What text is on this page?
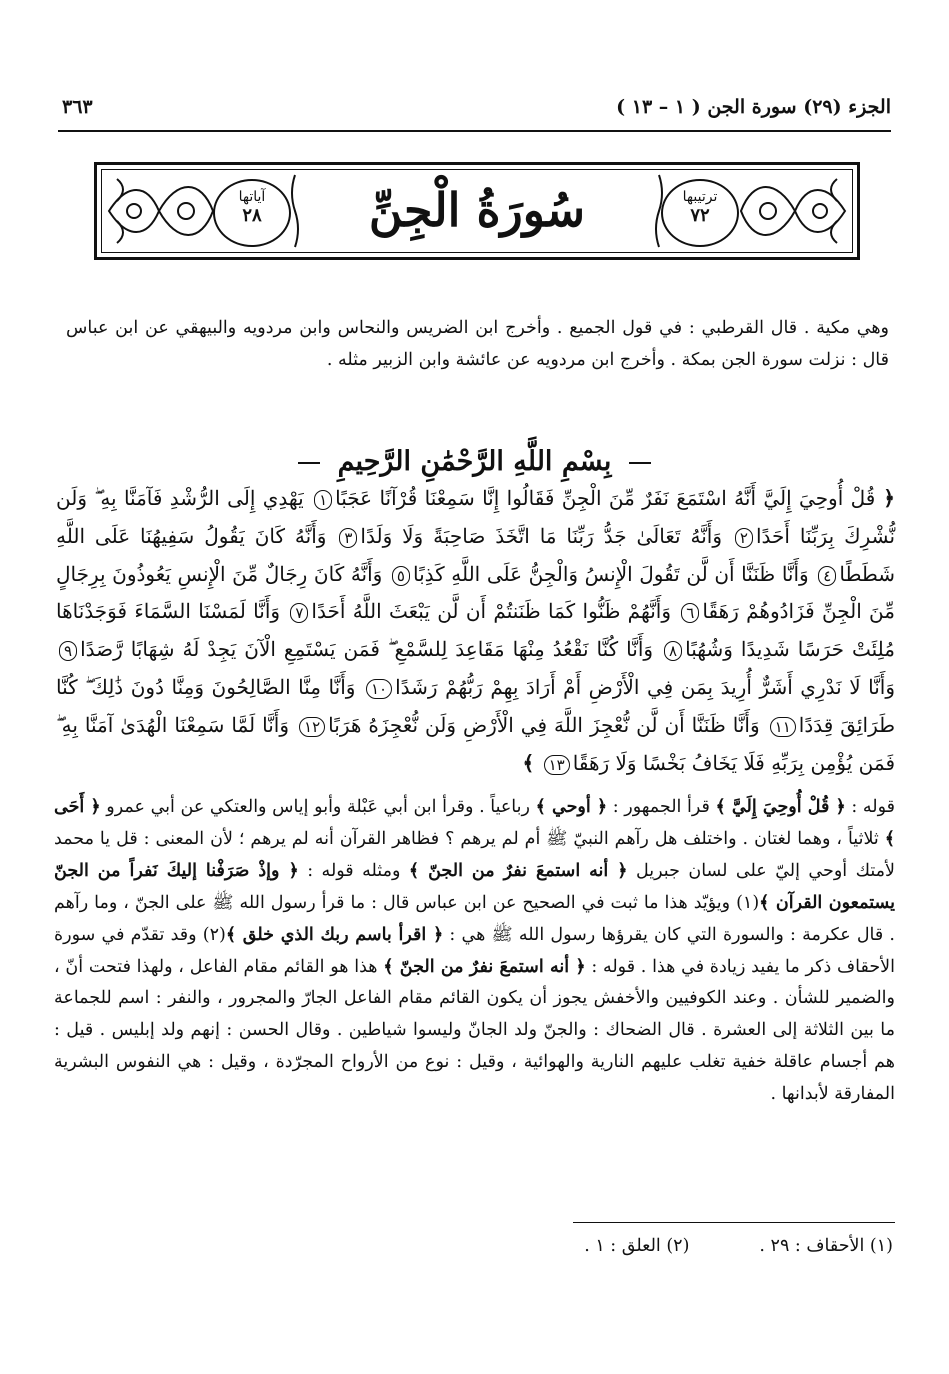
الجزء (٢٩) سورة الجن ( ١ – ١٣ )
٣٦٣
آياتها
٢٨	سُورَةُ الْجِنِّ	ترتيبها
٧٢
وهي مكية . قال القرطبي : في قول الجميع . وأخرج ابن الضريس والنحاس وابن مردويه والبيهقي عن ابن عباس قال : نزلت سورة الجن بمكة . وأخرج ابن مردويه عن عائشة وابن الزبير مثله .
بِسْمِ اللَّهِ الرَّحْمَٰنِ الرَّحِيمِ
﴿ قُلْ أُوحِيَ إِلَيَّ أَنَّهُ اسْتَمَعَ نَفَرٌ مِّنَ الْجِنِّ فَقَالُوا إِنَّا سَمِعْنَا قُرْآنًا عَجَبًا١ يَهْدِي إِلَى الرُّشْدِ فَآمَنَّا بِهِ ۖ وَلَن نُّشْرِكَ بِرَبِّنَا أَحَدًا٢ وَأَنَّهُ تَعَالَىٰ جَدُّ رَبِّنَا مَا اتَّخَذَ صَاحِبَةً وَلَا وَلَدًا٣ وَأَنَّهُ كَانَ يَقُولُ سَفِيهُنَا عَلَى اللَّهِ شَطَطًا٤ وَأَنَّا ظَنَنَّا أَن لَّن تَقُولَ الْإِنسُ وَالْجِنُّ عَلَى اللَّهِ كَذِبًا٥ وَأَنَّهُ كَانَ رِجَالٌ مِّنَ الْإِنسِ يَعُوذُونَ بِرِجَالٍ مِّنَ الْجِنِّ فَزَادُوهُمْ رَهَقًا٦ وَأَنَّهُمْ ظَنُّوا كَمَا ظَنَنتُمْ أَن لَّن يَبْعَثَ اللَّهُ أَحَدًا٧ وَأَنَّا لَمَسْنَا السَّمَاءَ فَوَجَدْنَاهَا مُلِئَتْ حَرَسًا شَدِيدًا وَشُهُبًا٨ وَأَنَّا كُنَّا نَقْعُدُ مِنْهَا مَقَاعِدَ لِلسَّمْعِ ۖ فَمَن يَسْتَمِعِ الْآنَ يَجِدْ لَهُ شِهَابًا رَّصَدًا٩ وَأَنَّا لَا نَدْرِي أَشَرٌّ أُرِيدَ بِمَن فِي الْأَرْضِ أَمْ أَرَادَ بِهِمْ رَبُّهُمْ رَشَدًا١٠ وَأَنَّا مِنَّا الصَّالِحُونَ وَمِنَّا دُونَ ذَٰلِكَ ۖ كُنَّا طَرَائِقَ قِدَدًا١١ وَأَنَّا ظَنَنَّا أَن لَّن نُّعْجِزَ اللَّهَ فِي الْأَرْضِ وَلَن نُّعْجِزَهُ هَرَبًا١٢ وَأَنَّا لَمَّا سَمِعْنَا الْهُدَىٰ آمَنَّا بِهِ ۖ فَمَن يُؤْمِن بِرَبِّهِ فَلَا يَخَافُ بَخْسًا وَلَا رَهَقًا١٣ ﴾
قوله : ﴿ قُلْ أُوحِيَ إِلَيَّ ﴾ قرأ الجمهور : ﴿ أوحي ﴾ رباعياً . وقرأ ابن أبي عَبْلة وأبو إياس والعتكي عن أبي عمرو ﴿ أَحَى ﴾ ثلاثياً ، وهما لغتان . واختلف هل رآهم النبيّ ﷺ أم لم يرهم ؟ فظاهر القرآن أنه لم يرهم ؛ لأن المعنى : قل يا محمد لأمتك أوحي إليّ على لسان جبريل ﴿ أنه استمعَ نفرٌ من الجنّ ﴾ ومثله قوله : ﴿ وإذْ صَرَفْنا إليكَ نَفراً من الجنّ يستمعون القرآن ﴾(١) ويؤيّد هذا ما ثبت في الصحيح عن ابن عباس قال : ما قرأ رسول الله ﷺ على الجنّ ، وما رآهم . قال عكرمة : والسورة التي كان يقرؤها رسول الله ﷺ هي : ﴿ اقرأ باسم ربك الذي خلق ﴾(٢) وقد تقدّم في سورة الأحقاف ذكر ما يفيد زيادة في هذا . قوله : ﴿ أنه استمعَ نفرٌ من الجنّ ﴾ هذا هو القائم مقام الفاعل ، ولهذا فتحت أنّ ، والضمير للشأن . وعند الكوفيين والأخفش يجوز أن يكون القائم مقام الفاعل الجارّ والمجرور ، والنفر : اسم للجماعة ما بين الثلاثة إلى العشرة . قال الضحاك : والجنّ ولد الجانّ وليسوا شياطين . وقال الحسن : إنهم ولد إبليس . قيل : هم أجسام عاقلة خفية تغلب عليهم النارية والهوائية ، وقيل : نوع من الأرواح المجرّدة ، وقيل : هي النفوس البشرية المفارقة لأبدانها .
(١) الأحقاف : ٢٩ .(٢) العلق : ١ .
